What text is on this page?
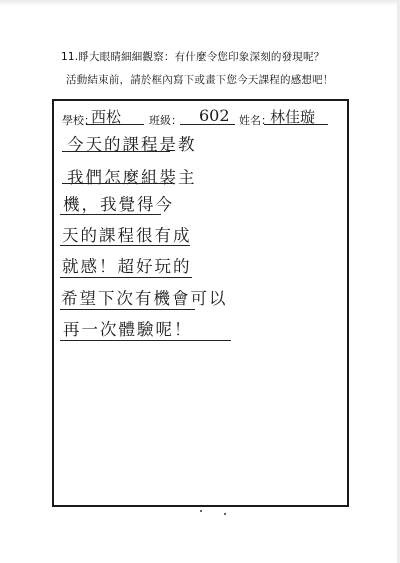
11.睜大眼睛細細觀察：有什麼令您印象深刻的發現呢？
活動結束前，請於框內寫下或畫下您今天課程的感想吧！
學校：
西松	班級： 602 姓名：
林佳璇
今天的課程是教
我們怎麼組裝主
機，我覺得今
天的課程很有成
就感！超好玩的
希望下次有機會可以
再一次體驗呢！
